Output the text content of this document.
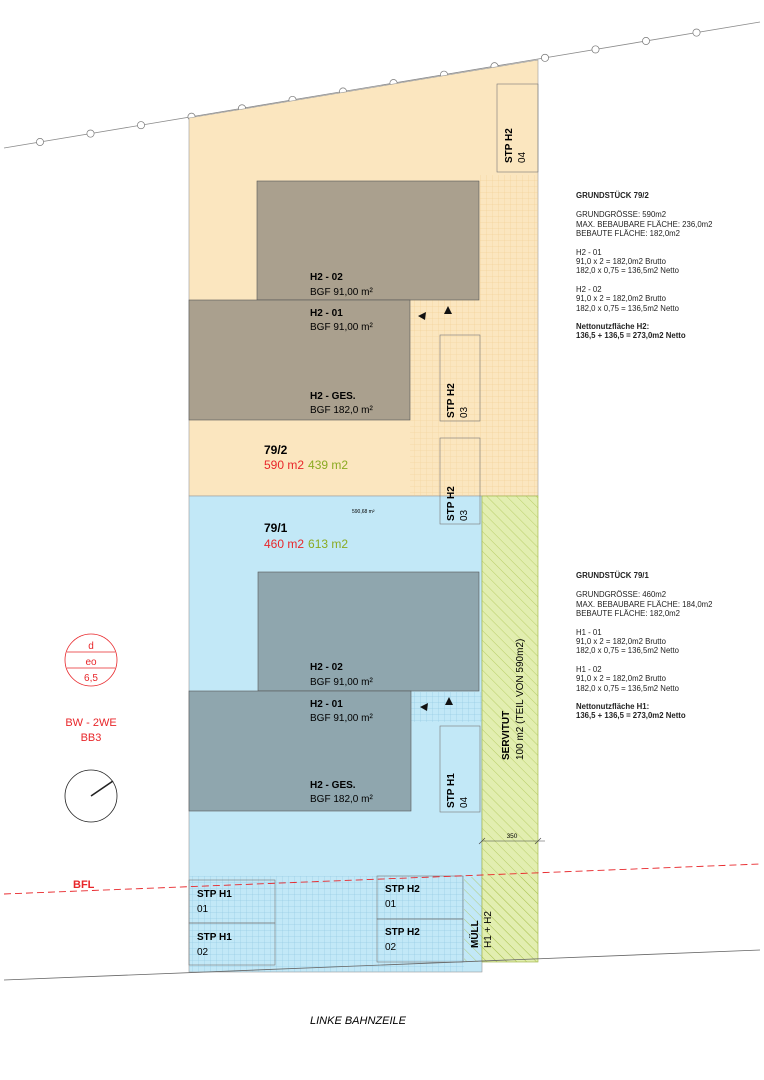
350
d
eo
6,5
BW - 2WE
BB3
BFL
79/2
590 m2 439 m2
79/1
460 m2 613 m2
590,68 m²
H2 - 02
BGF 91,00 m²
H2 - 01
BGF 91,00 m²
H2 - GES.
BGF 182,0 m²
H2 - 02
BGF 91,00 m²
H2 - 01
BGF 91,00 m²
H2 - GES.
BGF 182,0 m²
STP H2 04
STP H2 03
STP H2 03
STP H1 04
MÜLL H1 + H2
SERVITUT 100 m2 (TEIL VON 590m2)
STP H1
01
STP H1
02
STP H2
01
STP H2
02
LINKE BAHNZEILE
GRUNDSTÜCK 79/2
GRUNDGRÖSSE: 590m2
MAX. BEBAUBARE FLÄCHE: 236,0m2
BEBAUTE FLÄCHE: 182,0m2
H2 - 01
91,0 x 2 = 182,0m2 Brutto
182,0 x 0,75 = 136,5m2 Netto
H2 - 02
91,0 x 2 = 182,0m2 Brutto
182,0 x 0,75 = 136,5m2 Netto
Nettonutzfläche H2:
136,5 + 136,5 = 273,0m2 Netto
GRUNDSTÜCK 79/1
GRUNDGRÖSSE: 460m2
MAX. BEBAUBARE FLÄCHE: 184,0m2
BEBAUTE FLÄCHE: 182,0m2
H1 - 01
91,0 x 2 = 182,0m2 Brutto
182,0 x 0,75 = 136,5m2 Netto
H1 - 02
91,0 x 2 = 182,0m2 Brutto
182,0 x 0,75 = 136,5m2 Netto
Nettonutzfläche H1:
136,5 + 136,5 = 273,0m2 Netto
